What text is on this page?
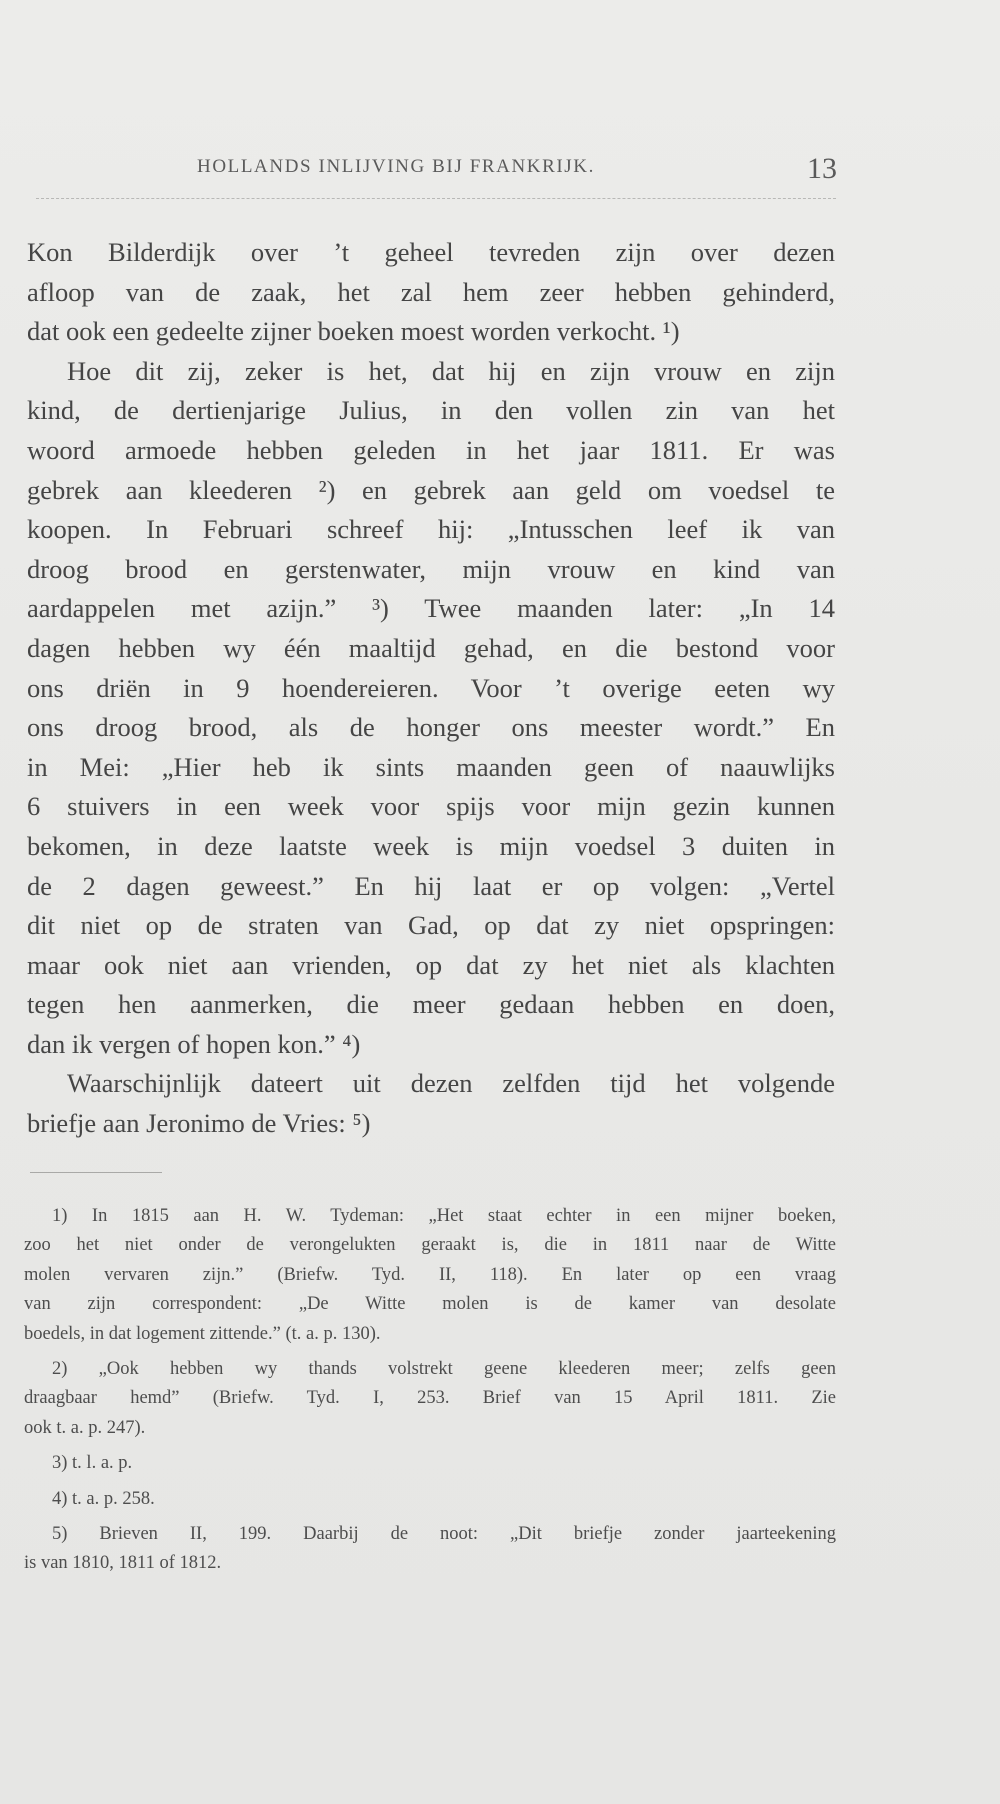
HOLLANDS INLIJVING BIJ FRANKRIJK.	13
Kon Bilderdijk over ’t geheel tevreden zijn over dezen
afloop van de zaak, het zal hem zeer hebben gehinderd,
dat ook een gedeelte zijner boeken moest worden verkocht. ¹)
Hoe dit zij, zeker is het, dat hij en zijn vrouw en zijn
kind, de dertienjarige Julius, in den vollen zin van het
woord armoede hebben geleden in het jaar 1811. Er was
gebrek aan kleederen ²) en gebrek aan geld om voedsel te
koopen. In Februari schreef hij: „Intusschen leef ik van
droog brood en gerstenwater, mijn vrouw en kind van
aardappelen met azijn.” ³) Twee maanden later: „In 14
dagen hebben wy één maaltijd gehad, en die bestond voor
ons driën in 9 hoendereieren. Voor ’t overige eeten wy
ons droog brood, als de honger ons meester wordt.” En
in Mei: „Hier heb ik sints maanden geen of naauwlijks
6 stuivers in een week voor spijs voor mijn gezin kunnen
bekomen, in deze laatste week is mijn voedsel 3 duiten in
de 2 dagen geweest.” En hij laat er op volgen: „Vertel
dit niet op de straten van Gad, op dat zy niet opspringen:
maar ook niet aan vrienden, op dat zy het niet als klachten
tegen hen aanmerken, die meer gedaan hebben en doen,
dan ik vergen of hopen kon.” ⁴)
Waarschijnlijk dateert uit dezen zelfden tijd het volgende
briefje aan Jeronimo de Vries: ⁵)
1) In 1815 aan H. W. Tydeman: „Het staat echter in een mijner boeken,
zoo het niet onder de verongelukten geraakt is, die in 1811 naar de Witte
molen vervaren zijn.” (Briefw. Tyd. II, 118). En later op een vraag
van zijn correspondent: „De Witte molen is de kamer van desolate
boedels, in dat logement zittende.” (t. a. p. 130).
2) „Ook hebben wy thands volstrekt geene kleederen meer; zelfs geen
draagbaar hemd” (Briefw. Tyd. I, 253. Brief van 15 April 1811. Zie
ook t. a. p. 247).
3) t. l. a. p.
4) t. a. p. 258.
5) Brieven II, 199. Daarbij de noot: „Dit briefje zonder jaarteekening
is van 1810, 1811 of 1812.
